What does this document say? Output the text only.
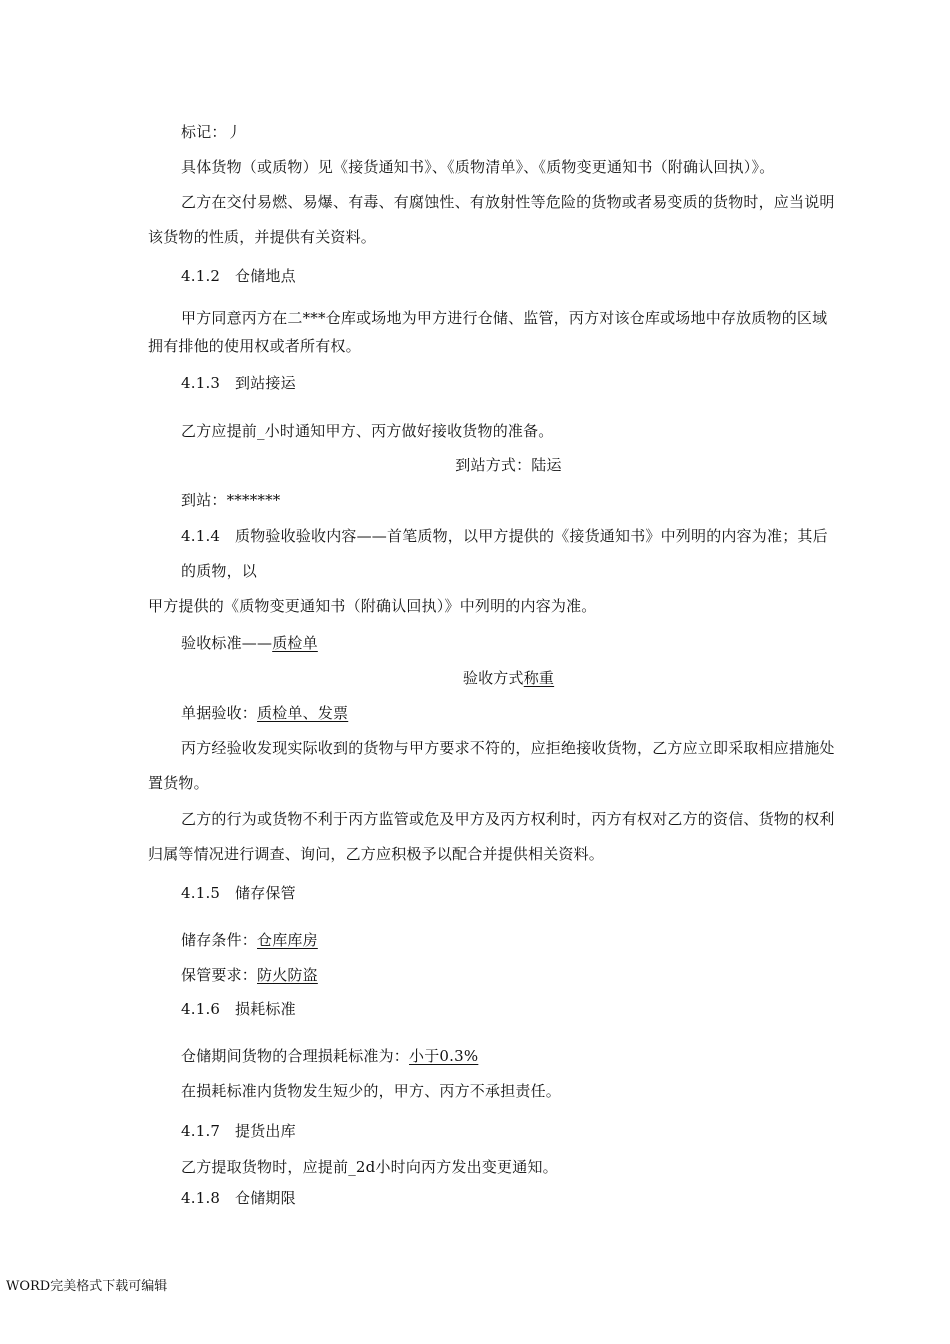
标记：丿
具体货物（或质物）见《接货通知书》、《质物清单》、《质物变更通知书（附确认回执）》。
乙方在交付易燃、易爆、有毒、有腐蚀性、有放射性等危险的货物或者易变质的货物时，应当说明
该货物的性质，并提供有关资料。
4.1.2 仓储地点
甲方同意丙方在二***仓库或场地为甲方进行仓储、监管，丙方对该仓库或场地中存放质物的区域
拥有排他的使用权或者所有权。
4.1.3 到站接运
乙方应提前_小时通知甲方、丙方做好接收货物的准备。
到站方式：陆运
到站：*******
4.1.4 质物验收验收内容——首笔质物，以甲方提供的《接货通知书》中列明的内容为准；其后
的质物，以
甲方提供的《质物变更通知书（附确认回执）》中列明的内容为准。
验收标准——质检单
验收方式称重
单据验收：质检单、发票
丙方经验收发现实际收到的货物与甲方要求不符的，应拒绝接收货物，乙方应立即采取相应措施处
置货物。
乙方的行为或货物不利于丙方监管或危及甲方及丙方权利时，丙方有权对乙方的资信、货物的权利
归属等情况进行调查、询问，乙方应积极予以配合并提供相关资料。
4.1.5 储存保管
储存条件：仓库库房
保管要求：防火防盗
4.1.6 损耗标准
仓储期间货物的合理损耗标准为：小于0.3%
在损耗标准内货物发生短少的，甲方、丙方不承担责任。
4.1.7 提货出库
乙方提取货物时，应提前_2d小时向丙方发出变更通知。
4.1.8 仓储期限
WORD完美格式下载可编辑
